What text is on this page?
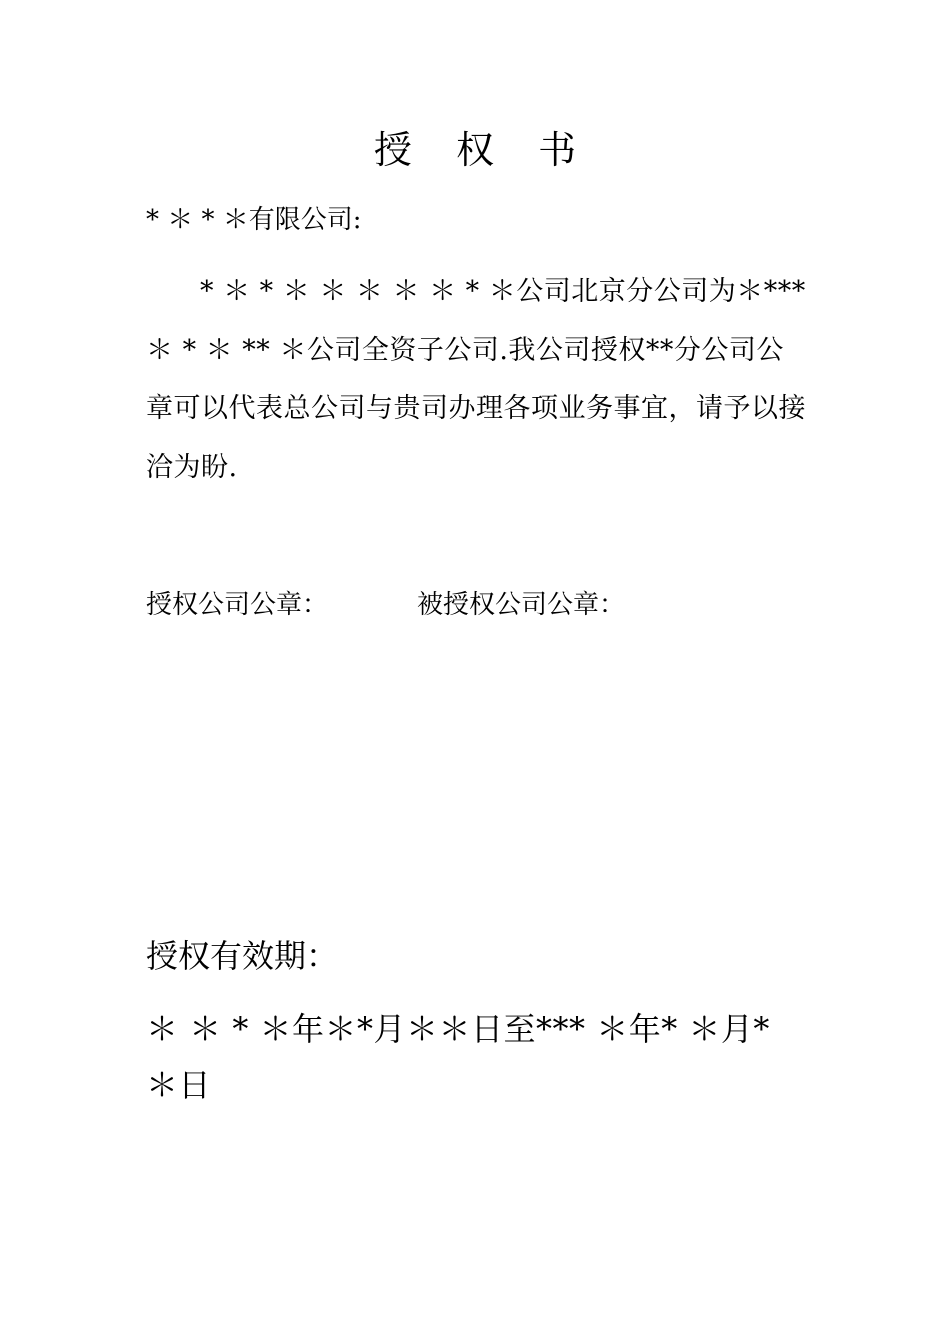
授 权 书
* ＊ * ＊有限公司:
* ＊ * ＊ ＊ ＊ ＊ ＊ * ＊公司北京分公司为＊*** ＊ * ＊ ** ＊公司全资子公司.我公司授权**分公司公章可以代表总公司与贵司办理各项业务事宜，请予以接洽为盼.
授权公司公章：	被授权公司公章：
授权有效期：
＊ ＊ * ＊年＊*月＊＊日至*** ＊年* ＊月* ＊日
